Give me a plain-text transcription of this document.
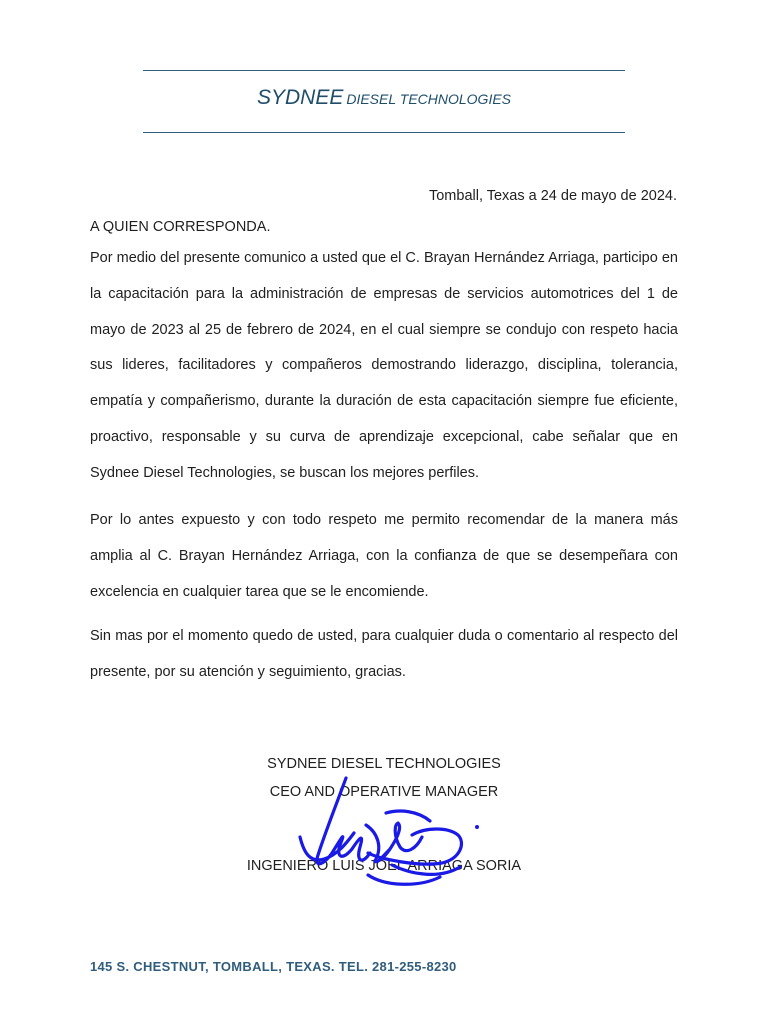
SYDNEE DIESEL TECHNOLOGIES
Tomball, Texas a 24 de mayo de 2024.
A QUIEN CORRESPONDA.

Por medio del presente comunico a usted que el C. Brayan Hernández Arriaga, participo en la capacitación para la administración de empresas de servicios automotrices del 1 de mayo de 2023 al 25 de febrero de 2024, en el cual siempre se condujo con respeto hacia sus lideres, facilitadores y compañeros demostrando liderazgo, disciplina, tolerancia, empatía y compañerismo, durante la duración de esta capacitación siempre fue eficiente, proactivo, responsable y su curva de aprendizaje excepcional, cabe señalar que en Sydnee Diesel Technologies, se buscan los mejores perfiles.

Por lo antes expuesto y con todo respeto me permito recomendar de la manera más amplia al C. Brayan Hernández Arriaga, con la confianza de que se desempeñara con excelencia en cualquier tarea que se le encomiende.

Sin mas por el momento quedo de usted, para cualquier duda o comentario al respecto del presente, por su atención y seguimiento, gracias.

SYDNEE DIESEL TECHNOLOGIES
CEO AND OPERATIVE MANAGER
INGENIERO LUIS JOEL ARRIAGA SORIA
145 S. CHESTNUT, TOMBALL, TEXAS. TEL. 281-255-8230
